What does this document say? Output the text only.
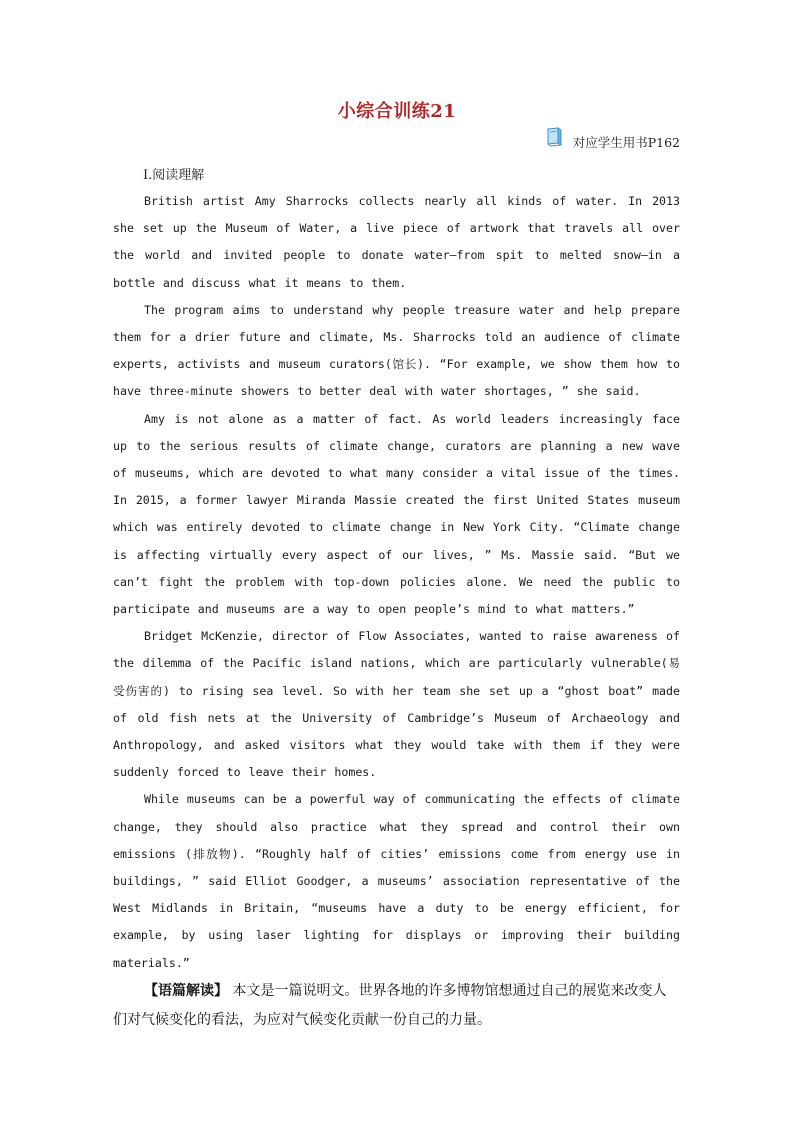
小综合训练21
对应学生用书P162
Ⅰ.阅读理解

British artist Amy Sharrocks collects nearly all kinds of water. In 2013 she set up the Museum of Water, a live piece of artwork that travels all over the world and invited people to donate water—from spit to melted snow—in a bottle and discuss what it means to them.

The program aims to understand why people treasure water and help prepare them for a drier future and climate, Ms. Sharrocks told an audience of climate experts, activists and museum curators(馆长). “For example, we show them how to have three-minute showers to better deal with water shortages, ” she said.

Amy is not alone as a matter of fact. As world leaders increasingly face up to the serious results of climate change, curators are planning a new wave of museums, which are devoted to what many consider a vital issue of the times. In 2015, a former lawyer Miranda Massie created the first United States museum which was entirely devoted to climate change in New York City. “Climate change is affecting virtually every aspect of our lives, ” Ms. Massie said. “But we can’t fight the problem with top-down policies alone. We need the public to participate and museums are a way to open people’s mind to what matters.”

Bridget McKenzie, director of Flow Associates, wanted to raise awareness of the dilemma of the Pacific island nations, which are particularly vulnerable(易受伤害的) to rising sea level. So with her team she set up a “ghost boat” made of old fish nets at the University of Cambridge’s Museum of Archaeology and Anthropology, and asked visitors what they would take with them if they were suddenly forced to leave their homes.

While museums can be a powerful way of communicating the effects of climate change, they should also practice what they spread and control their own emissions (排放物). “Roughly half of cities’ emissions come from energy use in buildings, ” said Elliot Goodger, a museums’ association representative of the West Midlands in Britain, “museums have a duty to be energy efficient, for example, by using laser lighting for displays or improving their building materials.”

【语篇解读】 本文是一篇说明文。世界各地的许多博物馆想通过自己的展览来改变人们对气候变化的看法，为应对气候变化贡献一份自己的力量。
